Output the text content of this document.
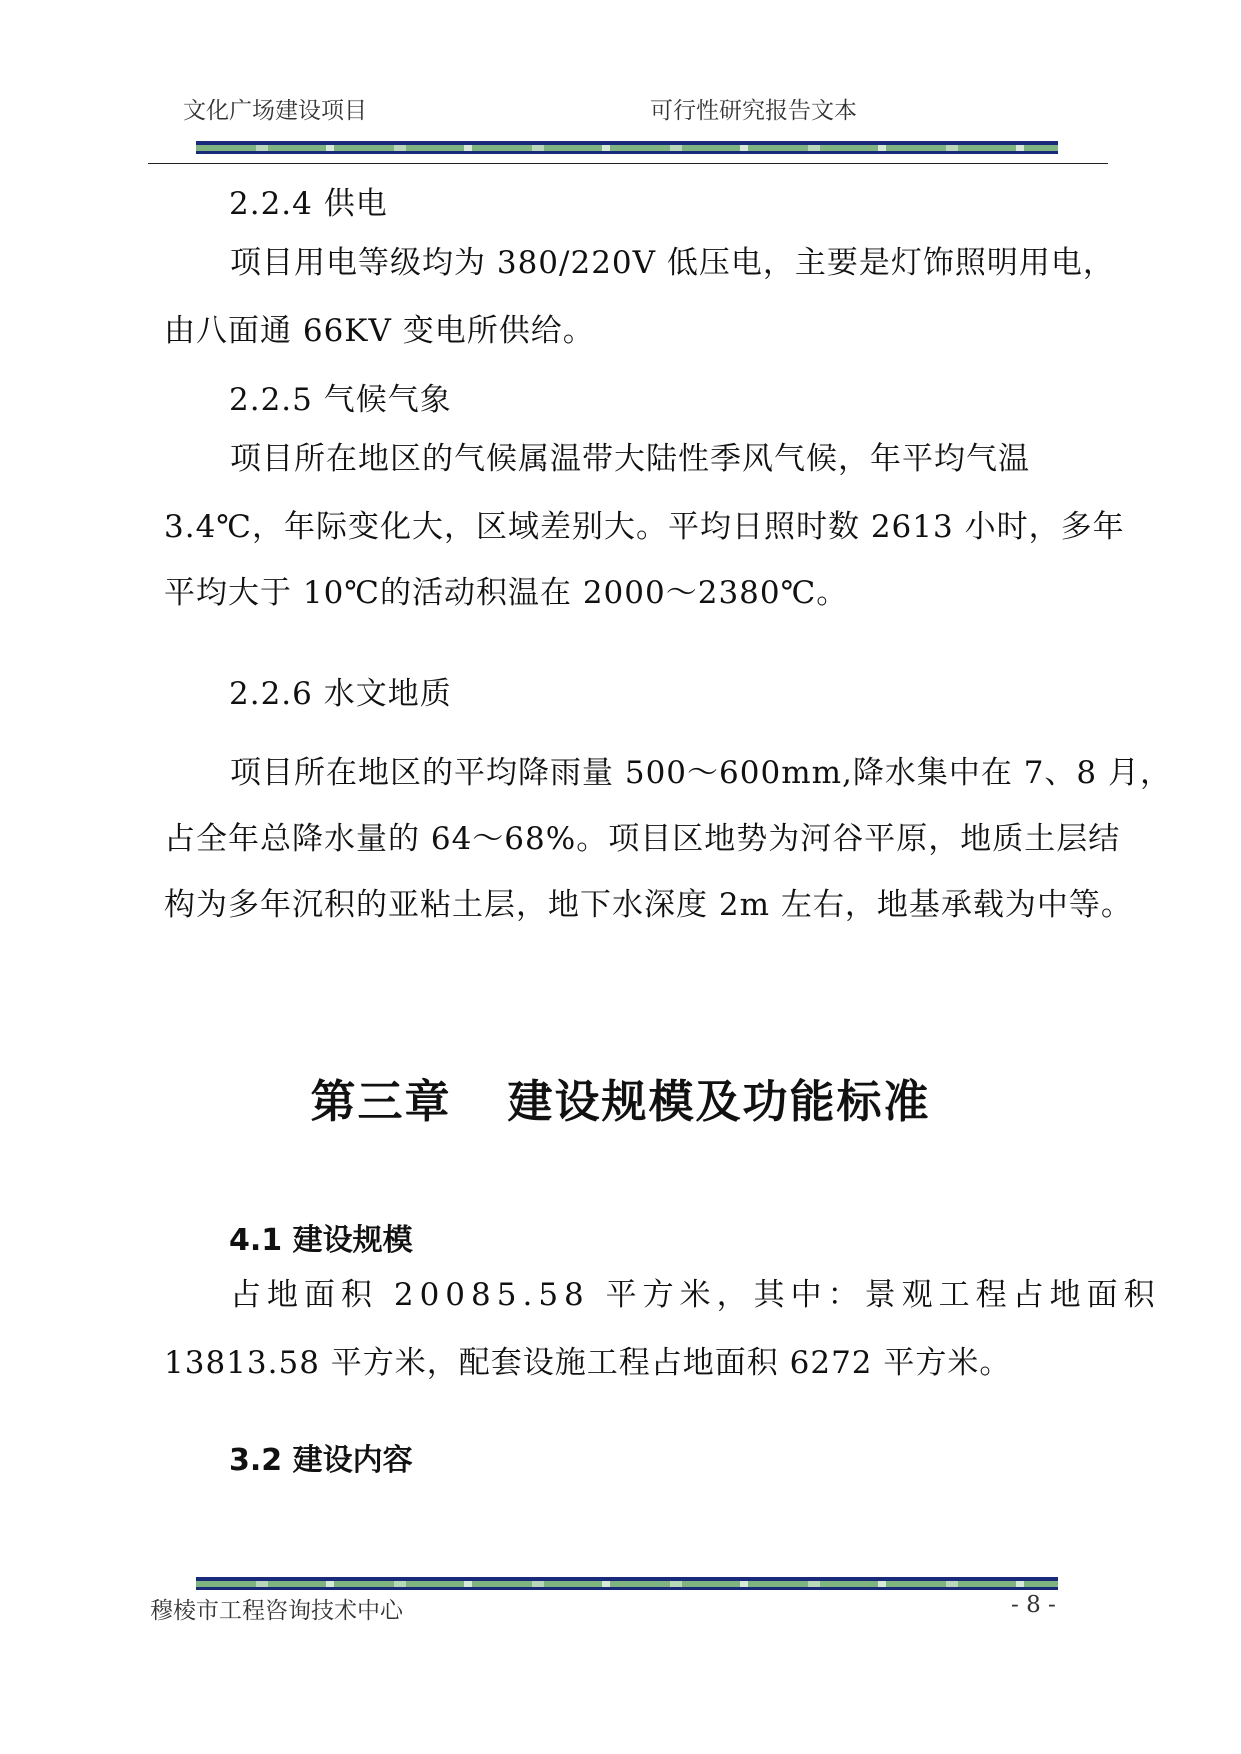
文化广场建设项目	可行性研究报告文本
2.2.4 供电
项目用电等级均为 380/220V 低压电，主要是灯饰照明用电，
由八面通 66KV 变电所供给。
2.2.5 气候气象
项目所在地区的气候属温带大陆性季风气候，年平均气温
3.4℃，年际变化大，区域差别大。平均日照时数 2613 小时，多年
平均大于 10℃的活动积温在 2000～2380℃。
2.2.6 水文地质
项目所在地区的平均降雨量 500～600mm,降水集中在 7、8 月，
占全年总降水量的 64～68%。项目区地势为河谷平原，地质土层结
构为多年沉积的亚粘土层，地下水深度 2m 左右，地基承载为中等。
第三章 建设规模及功能标准
4.1 建设规模
占地面积 20085.58 平方米，其中：景观工程占地面积
13813.58 平方米，配套设施工程占地面积 6272 平方米。
3.2 建设内容
穆棱市工程咨询技术中心	- 8 -
